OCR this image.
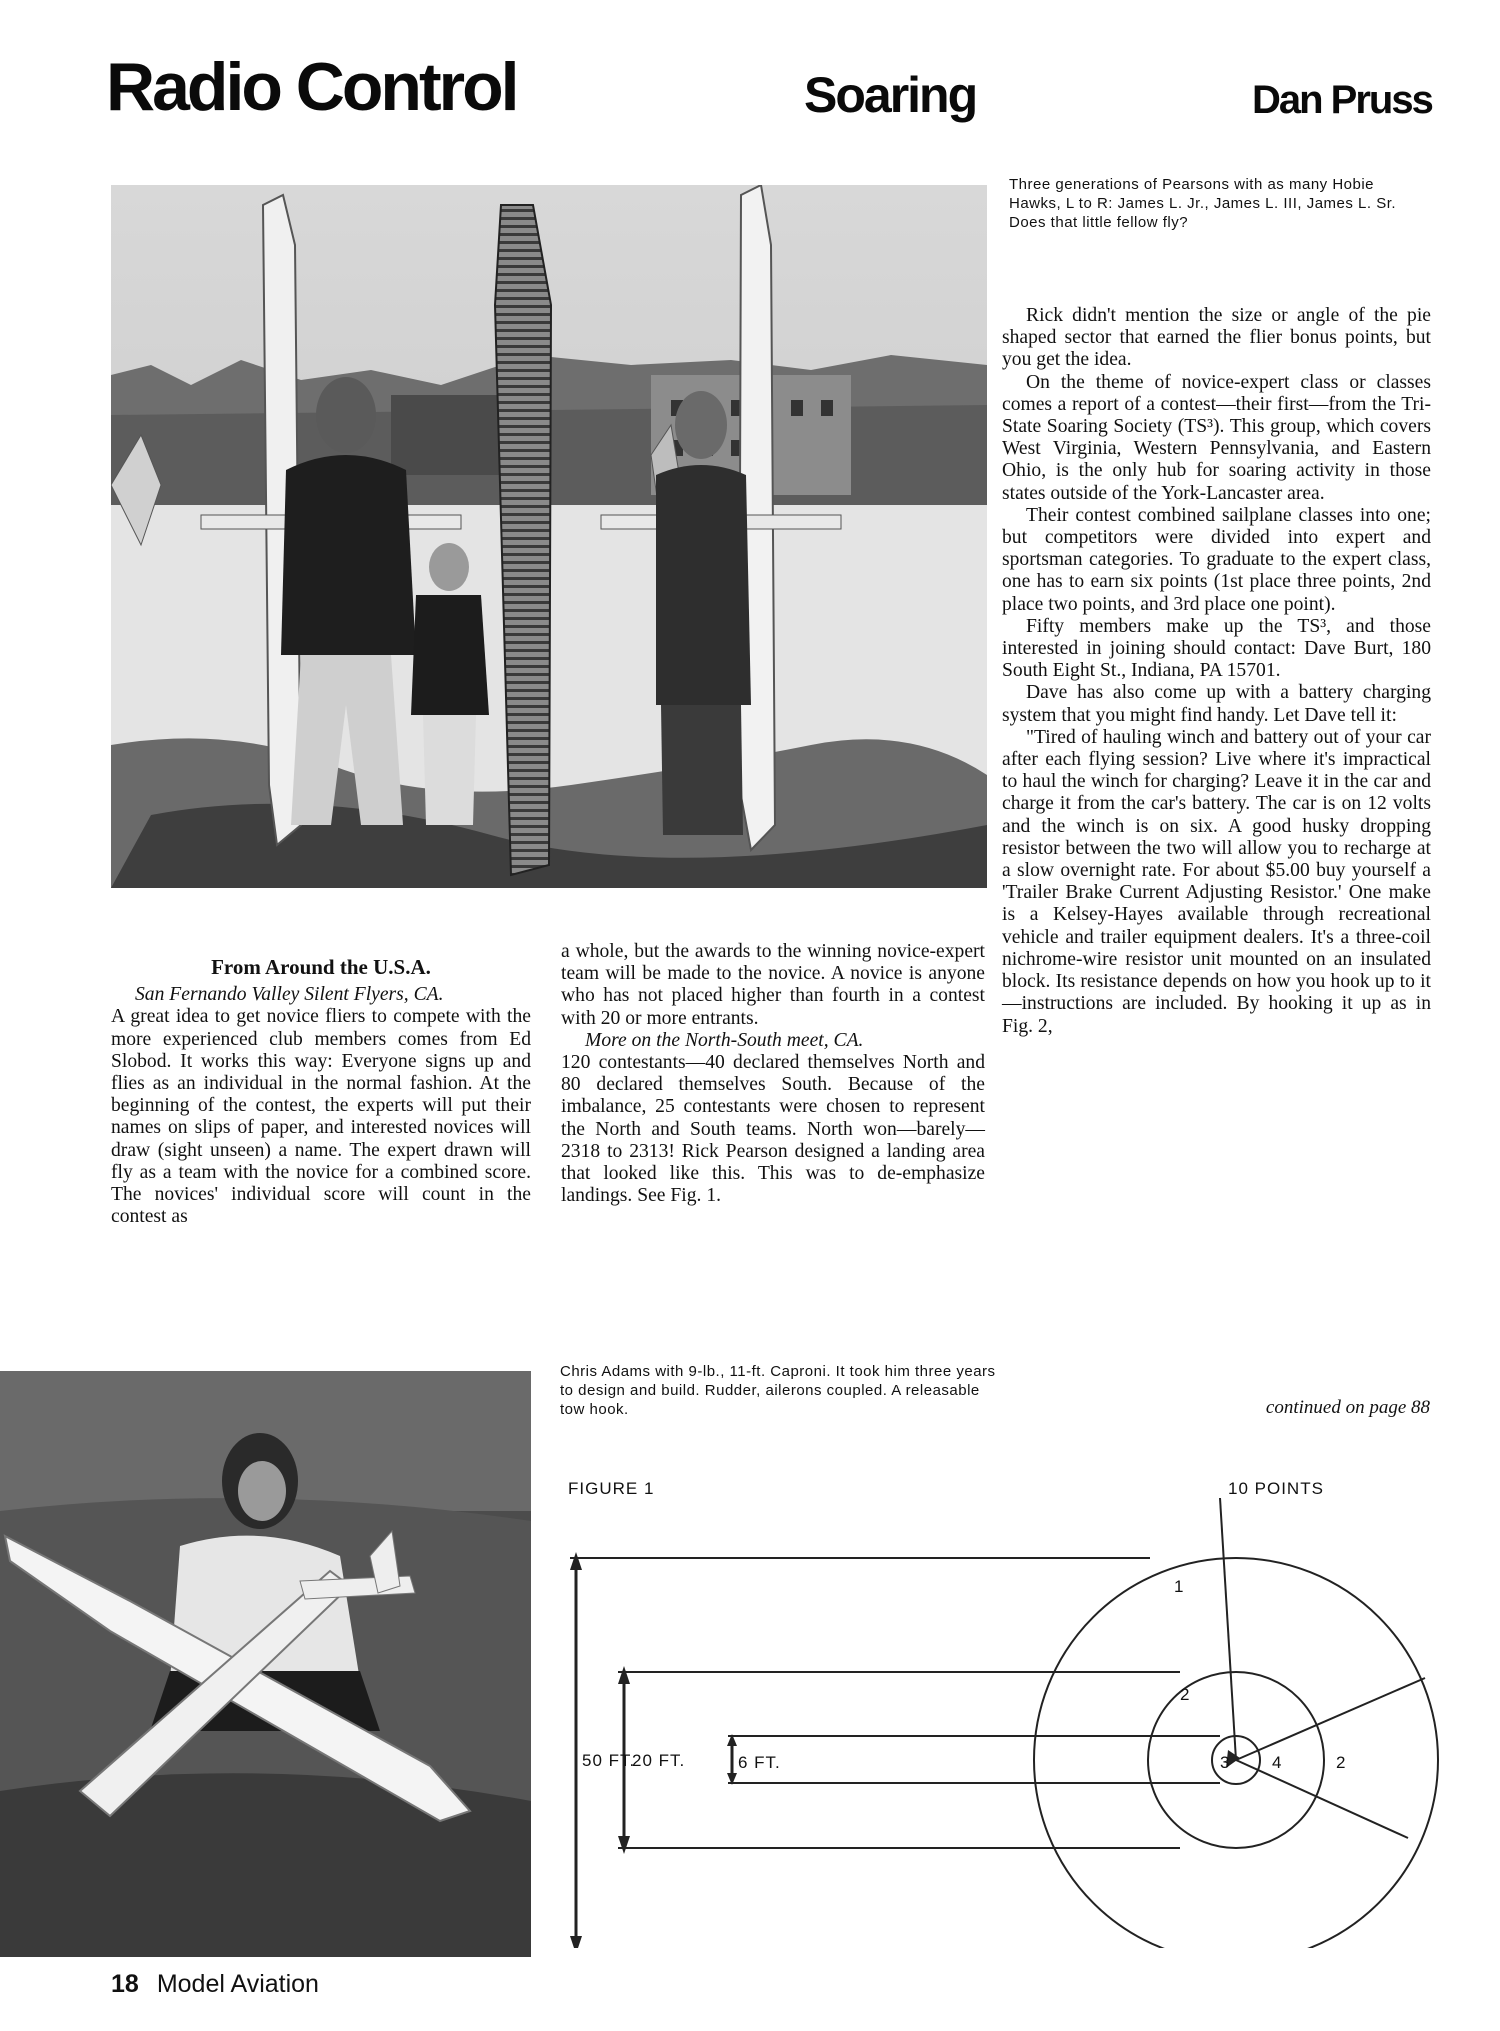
Radio Control	Soaring	Dan Pruss
Three generations of Pearsons with as many Hobie Hawks, L to R: James L. Jr., James L. III, James L. Sr. Does that little fellow fly?

Rick didn't mention the size or angle of the pie shaped sector that earned the flier bonus points, but you get the idea.

On the theme of novice-expert class or classes comes a report of a contest—their first—from the Tri-State Soaring Society (TS³). This group, which covers West Virginia, Western Pennsylvania, and Eastern Ohio, is the only hub for soaring activity in those states outside of the York-Lancaster area.

Their contest combined sailplane classes into one; but competitors were divided into expert and sportsman categories. To graduate to the expert class, one has to earn six points (1st place three points, 2nd place two points, and 3rd place one point).

Fifty members make up the TS³, and those interested in joining should contact: Dave Burt, 180 South Eight St., Indiana, PA 15701.

Dave has also come up with a battery charging system that you might find handy. Let Dave tell it:

"Tired of hauling winch and battery out of your car after each flying session? Live where it's impractical to haul the winch for charging? Leave it in the car and charge it from the car's battery. The car is on 12 volts and the winch is on six. A good husky dropping resistor between the two will allow you to recharge at a slow overnight rate. For about $5.00 buy yourself a 'Trailer Brake Current Adjusting Resistor.' One make is a Kelsey-Hayes available through recreational vehicle and trailer equipment dealers. It's a three-coil nichrome-wire resistor unit mounted on an insulated block. Its resistance depends on how you hook up to it—instructions are included. By hooking it up as in Fig. 2,

continued on page 88
From Around the U.S.A.

San Fernando Valley Silent Flyers, CA.

A great idea to get novice fliers to compete with the more experienced club members comes from Ed Slobod. It works this way: Everyone signs up and flies as an individual in the normal fashion. At the beginning of the contest, the experts will put their names on slips of paper, and interested novices will draw (sight unseen) a name. The expert drawn will fly as a team with the novice for a combined score. The novices' individual score will count in the contest as

a whole, but the awards to the winning novice-expert team will be made to the novice. A novice is anyone who has not placed higher than fourth in a contest with 20 or more entrants.

More on the North-South meet, CA.

120 contestants—40 declared themselves North and 80 declared themselves South. Because of the imbalance, 25 contestants were chosen to represent the North and South teams. North won—barely—2318 to 2313! Rick Pearson designed a landing area that looked like this. This was to de-emphasize landings. See Fig. 1.

Chris Adams with 9-lb., 11-ft. Caproni. It took him three years to design and build. Rudder, ailerons coupled. A releasable tow hook.
FIGURE 1
50 FT.
20 FT.	6 FT.
10 POINTS
1
2
3 4	2
18 Model Aviation
